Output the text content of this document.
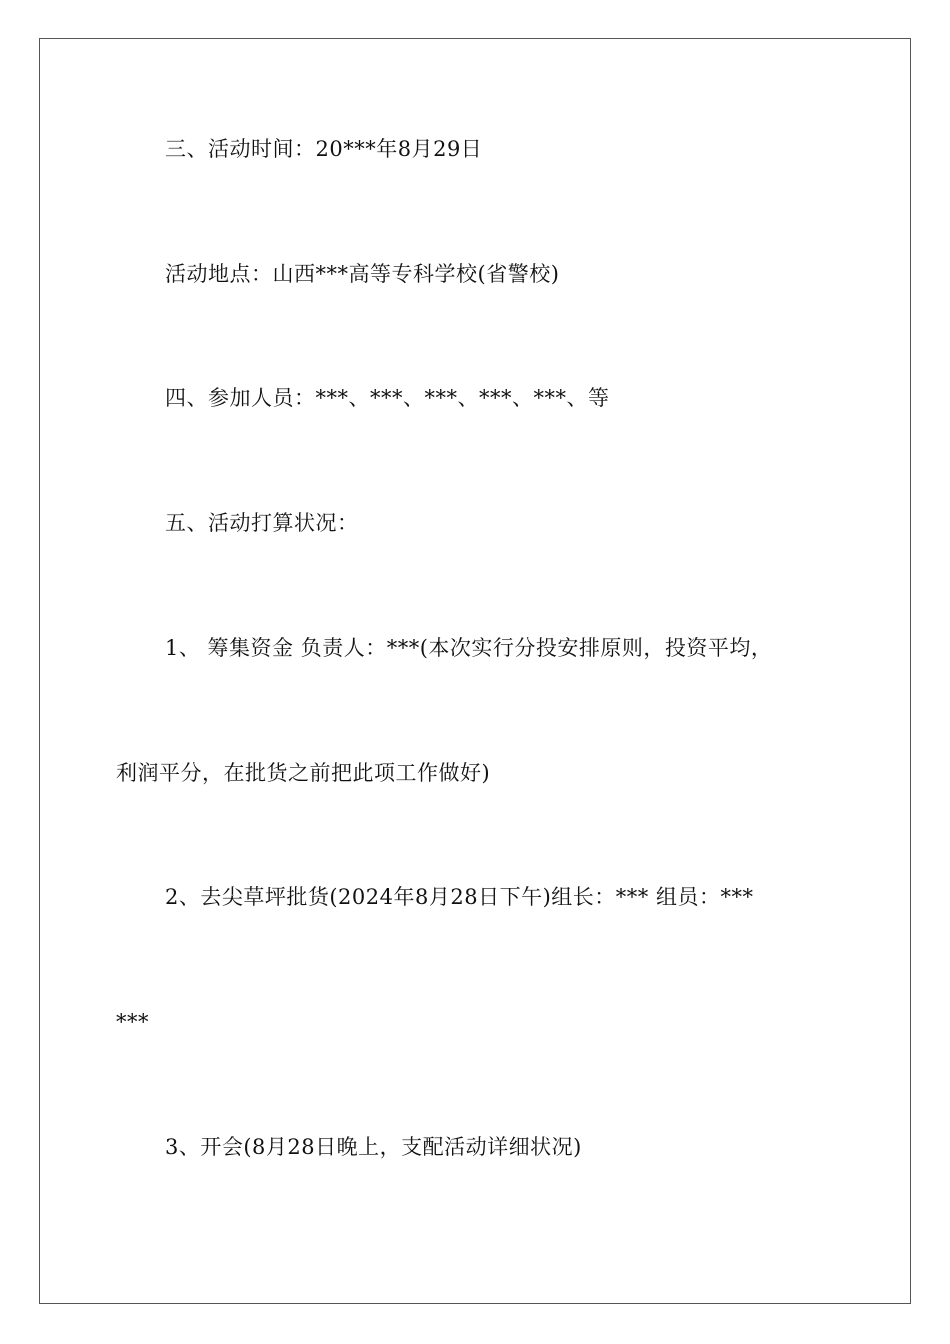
三、活动时间：20***年8月29日
活动地点：山西***高等专科学校(省警校)
四、参加人员：***、***、***、***、***、等
五、活动打算状况：
1、 筹集资金 负责人：***(本次实行分投安排原则，投资平均，
利润平分，在批货之前把此项工作做好)
2、去尖草坪批货(2024年8月28日下午)组长：*** 组员：***
***
3、开会(8月28日晚上，支配活动详细状况)
